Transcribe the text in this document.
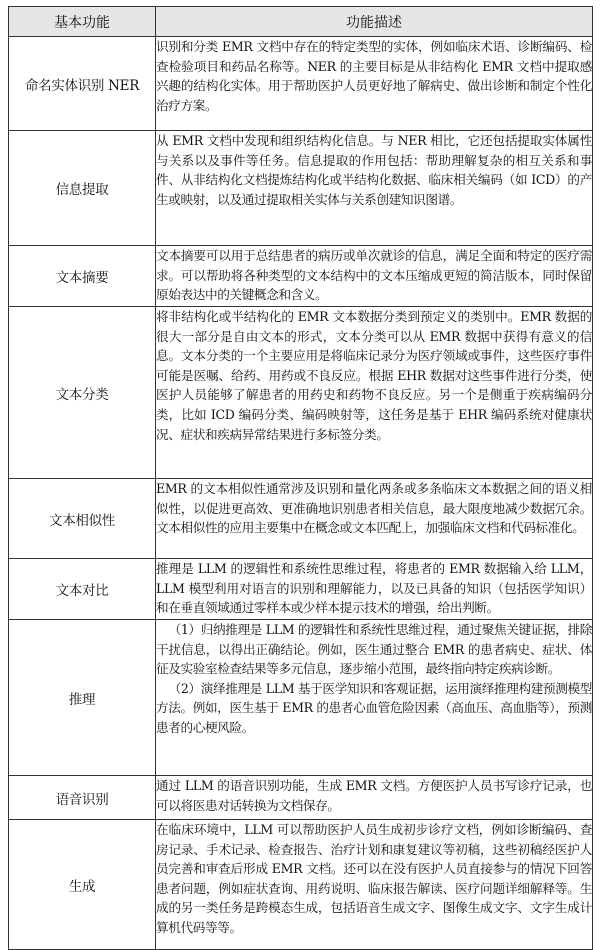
基本功能	功能描述
命名实体识别 NER	识别和分类 EMR 文档中存在的特定类型的实体，例如临床术语、诊断编码、检查检验项目和药品名称等。NER 的主要目标是从非结构化 EMR 文档中提取感兴趣的结构化实体。用于帮助医护人员更好地了解病史、做出诊断和制定个性化治疗方案。
信息提取	从 EMR 文档中发现和组织结构化信息。与 NER 相比，它还包括提取实体属性与关系以及事件等任务。信息提取的作用包括：帮助理解复杂的相互关系和事件、从非结构化文档提炼结构化或半结构化数据、临床相关编码（如 ICD）的产生或映射，以及通过提取相关实体与关系创建知识图谱。
文本摘要	文本摘要可以用于总结患者的病历或单次就诊的信息，满足全面和特定的医疗需求。可以帮助将各种类型的文本结构中的文本压缩成更短的简洁版本，同时保留原始表达中的关键概念和含义。
文本分类	将非结构化或半结构化的 EMR 文本数据分类到预定义的类别中。EMR 数据的很大一部分是自由文本的形式，文本分类可以从 EMR 数据中获得有意义的信息。文本分类的一个主要应用是将临床记录分为医疗领域或事件，这些医疗事件可能是医嘱、给药、用药或不良反应。根据 EHR 数据对这些事件进行分类，使医护人员能够了解患者的用药史和药物不良反应。另一个是侧重于疾病编码分类，比如 ICD 编码分类、编码映射等，这任务是基于 EHR 编码系统对健康状况、症状和疾病异常结果进行多标签分类。
文本相似性	EMR 的文本相似性通常涉及识别和量化两条或多条临床文本数据之间的语义相似性，以促进更高效、更准确地识别患者相关信息，最大限度地减少数据冗余。文本相似性的应用主要集中在概念或文本匹配上，加强临床文档和代码标准化。
文本对比	推理是 LLM 的逻辑性和系统性思维过程，将患者的 EMR 数据输入给 LLM，LLM 模型利用对语言的识别和理解能力，以及已具备的知识（包括医学知识）和在垂直领域通过零样本或少样本提示技术的增强，给出判断。
推理	（1）归纳推理是 LLM 的逻辑性和系统性思维过程，通过聚焦关键证据，排除干扰信息，以得出正确结论。例如，医生通过整合 EMR 的患者病史、症状、体征及实验室检查结果等多元信息，逐步缩小范围，最终指向特定疾病诊断。

（2）演绎推理是 LLM 基于医学知识和客观证据，运用演绎推理构建预测模型方法。例如，医生基于 EMR 的患者心血管危险因素（高血压、高血脂等），预测患者的心梗风险。

语音识别	通过 LLM 的语音识别功能，生成 EMR 文档。方便医护人员书写诊疗记录，也可以将医患对话转换为文档保存。
生成	在临床环境中，LLM 可以帮助医护人员生成初步诊疗文档，例如诊断编码、查房记录、手术记录、检查报告、治疗计划和康复建议等初稿，这些初稿经医护人员完善和审查后形成 EMR 文档。还可以在没有医护人员直接参与的情况下回答患者问题，例如症状查询、用药说明、临床报告解读、医疗问题详细解释等。生成的另一类任务是跨模态生成，包括语音生成文字、图像生成文字、文字生成计算机代码等等。
